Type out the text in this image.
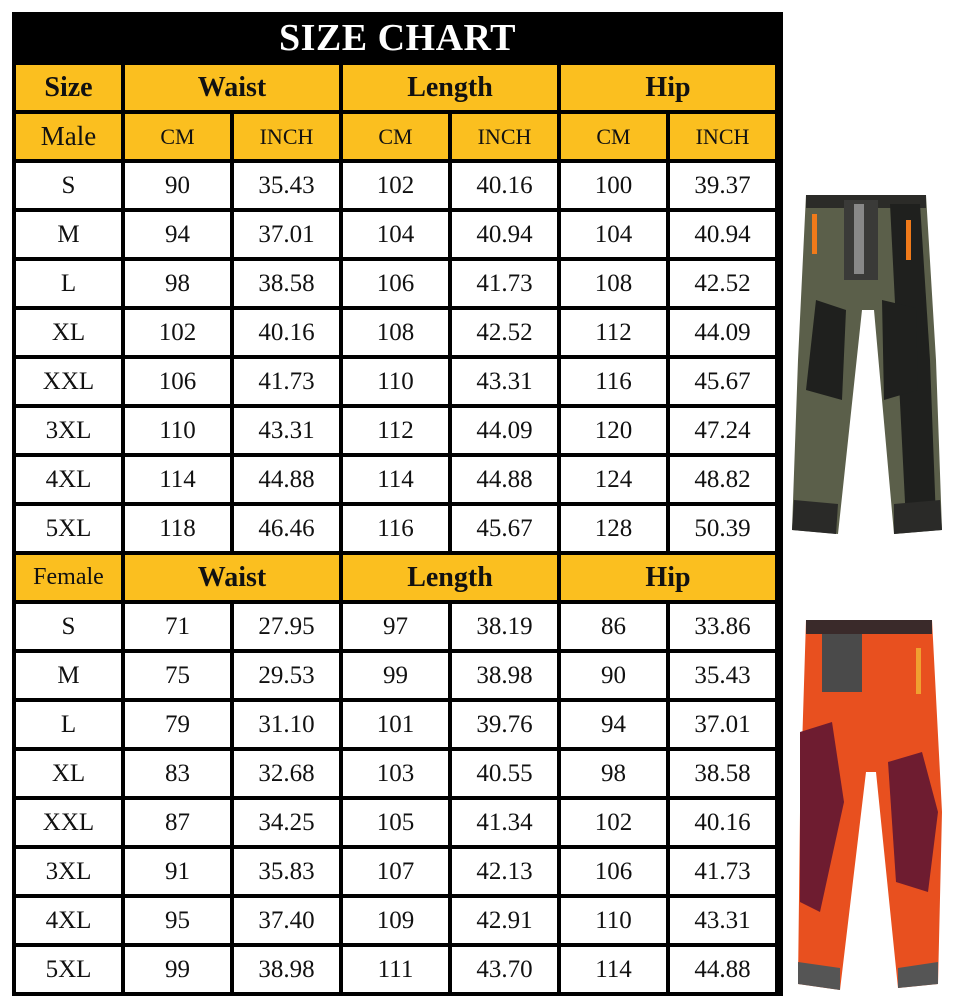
SIZE CHART
Size	Waist	Length	Hip
Male	CM	INCH	CM	INCH	CM	INCH
S	90	35.43	102	40.16	100	39.37
M	94	37.01	104	40.94	104	40.94
L	98	38.58	106	41.73	108	42.52
XL	102	40.16	108	42.52	112	44.09
XXL	106	41.73	110	43.31	116	45.67
3XL	110	43.31	112	44.09	120	47.24
4XL	114	44.88	114	44.88	124	48.82
5XL	118	46.46	116	45.67	128	50.39
Female	Waist	Length	Hip
S	71	27.95	97	38.19	86	33.86
M	75	29.53	99	38.98	90	35.43
L	79	31.10	101	39.76	94	37.01
XL	83	32.68	103	40.55	98	38.58
XXL	87	34.25	105	41.34	102	40.16
3XL	91	35.83	107	42.13	106	41.73
4XL	95	37.40	109	42.91	110	43.31
5XL	99	38.98	111	43.70	114	44.88
